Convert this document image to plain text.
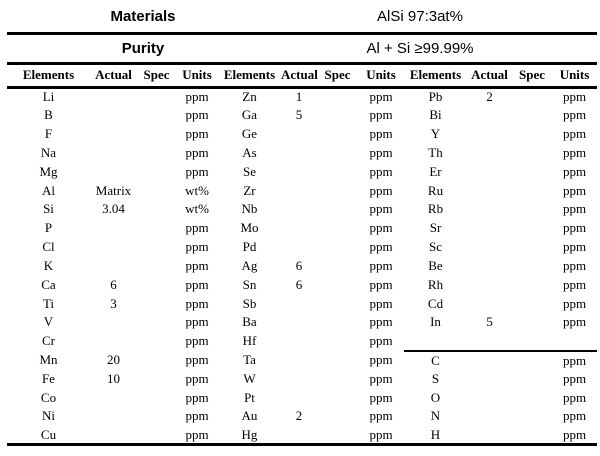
Materials	AlSi 97:3at%
Purity	Al + Si ≥99.99%
Elements	Actual	Spec	Units	Elements	Actual	Spec	Units	Elements	Actual	Spec	Units
Li			ppm	Zn	1		ppm	Pb	2		ppm
B			ppm	Ga	5		ppm	Bi			ppm
F			ppm	Ge			ppm	Y			ppm
Na			ppm	As			ppm	Th			ppm
Mg			ppm	Se			ppm	Er			ppm
Al	Matrix		wt%	Zr			ppm	Ru			ppm
Si	3.04		wt%	Nb			ppm	Rb			ppm
P			ppm	Mo			ppm	Sr			ppm
Cl			ppm	Pd			ppm	Sc			ppm
K			ppm	Ag	6		ppm	Be			ppm
Ca	6		ppm	Sn	6		ppm	Rh			ppm
Ti	3		ppm	Sb			ppm	Cd			ppm
V			ppm	Ba			ppm	In	5		ppm
Cr			ppm	Hf			ppm				
Mn	20		ppm	Ta			ppm	C			ppm
Fe	10		ppm	W			ppm	S			ppm
Co			ppm	Pt			ppm	O			ppm
Ni			ppm	Au	2		ppm	N			ppm
Cu			ppm	Hg			ppm	H			ppm
